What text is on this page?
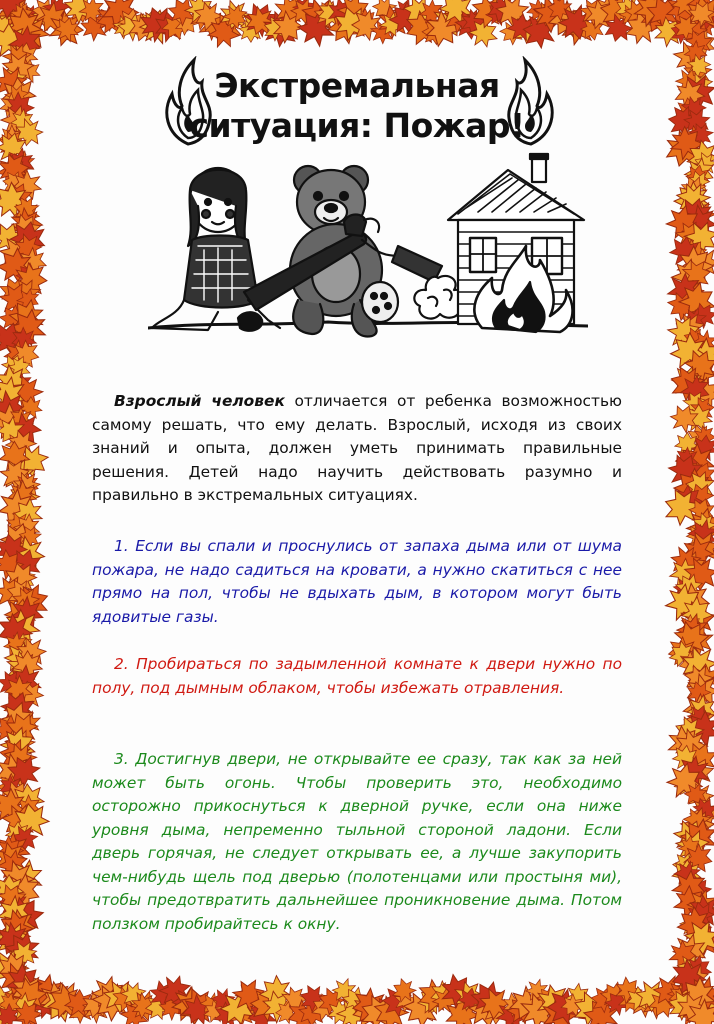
Экстремальная
ситуация: Пожар!
Взрослый человек отличается от ребенка возможностью самому решать, что ему делать. Взрослый, исходя из своих знаний и опыта, должен уметь принимать правильные решения. Детей надо научить действовать разумно и правильно в экстремальных ситуациях.
1. Если вы спали и проснулись от запаха дыма или от шума пожара, не надо садиться на кровати, а нужно скатиться с нее прямо на пол, чтобы не вдыхать дым, в котором могут быть ядовитые газы.
2. Пробираться по задымленной комнате к двери нужно по полу, под дымным облаком, чтобы избежать отравления.
3. Достигнув двери, не открывайте ее сразу, так как за ней может быть огонь. Чтобы проверить это, необходимо осторожно прикоснуться к дверной ручке, если она ниже уровня дыма, непременно тыльной стороной ладони. Если дверь горячая, не следует открывать ее, а лучше закупорить чем-нибудь щель под дверью (полотенцами или простыня ми), чтобы предотвратить дальнейшее проникновение дыма. Потом ползком пробирайтесь к окну.
